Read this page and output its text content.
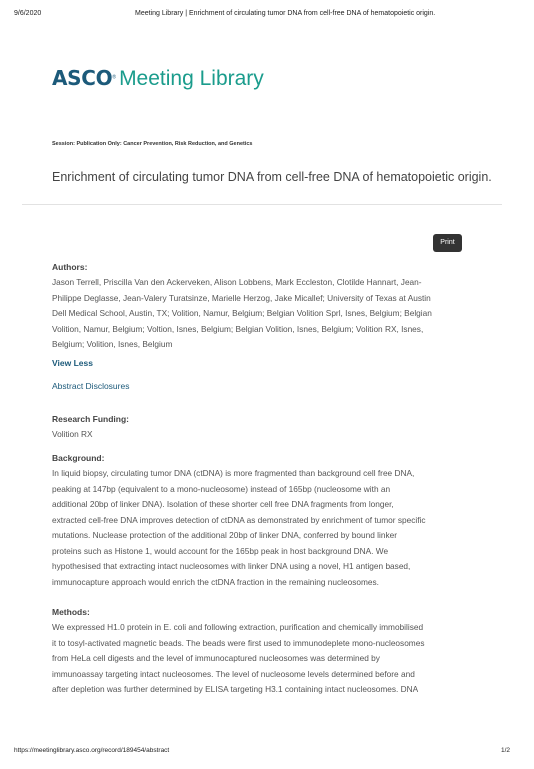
9/6/2020	Meeting Library | Enrichment of circulating tumor DNA from cell-free DNA of hematopoietic origin.
ASCO® Meeting Library
Session: Publication Only: Cancer Prevention, Risk Reduction, and Genetics
Enrichment of circulating tumor DNA from cell-free DNA of hematopoietic origin.
Print
Authors:
Jason Terrell, Priscilla Van den Ackerveken, Alison Lobbens, Mark Eccleston, Clotilde Hannart, Jean-
Philippe Deglasse, Jean-Valery Turatsinze, Marielle Herzog, Jake Micallef; University of Texas at Austin
Dell Medical School, Austin, TX; Volition, Namur, Belgium; Belgian Volition Sprl, Isnes, Belgium; Belgian
Volition, Namur, Belgium; Voltion, Isnes, Belgium; Belgian Volition, Isnes, Belgium; Volition RX, Isnes,
Belgium; Volition, Isnes, Belgium
View Less
Abstract Disclosures
Research Funding:
Volition RX
Background:
In liquid biopsy, circulating tumor DNA (ctDNA) is more fragmented than background cell free DNA,
peaking at 147bp (equivalent to a mono-nucleosome) instead of 165bp (nucleosome with an
additional 20bp of linker DNA). Isolation of these shorter cell free DNA fragments from longer,
extracted cell-free DNA improves detection of ctDNA as demonstrated by enrichment of tumor specific
mutations. Nuclease protection of the additional 20bp of linker DNA, conferred by bound linker
proteins such as Histone 1, would account for the 165bp peak in host background DNA. We
hypothesised that extracting intact nucleosomes with linker DNA using a novel, H1 antigen based,
immunocapture approach would enrich the ctDNA fraction in the remaining nucleosomes.
Methods:
We expressed H1.0 protein in E. coli and following extraction, purification and chemically immobilised
it to tosyl-activated magnetic beads. The beads were first used to immunodeplete mono-nucleosomes
from HeLa cell digests and the level of immunocaptured nucleosomes was determined by
immunoassay targeting intact nucleosomes. The level of nucleosome levels determined before and
after depletion was further determined by ELISA targeting H3.1 containing intact nucleosomes. DNA
https://meetinglibrary.asco.org/record/189454/abstract	1/2
